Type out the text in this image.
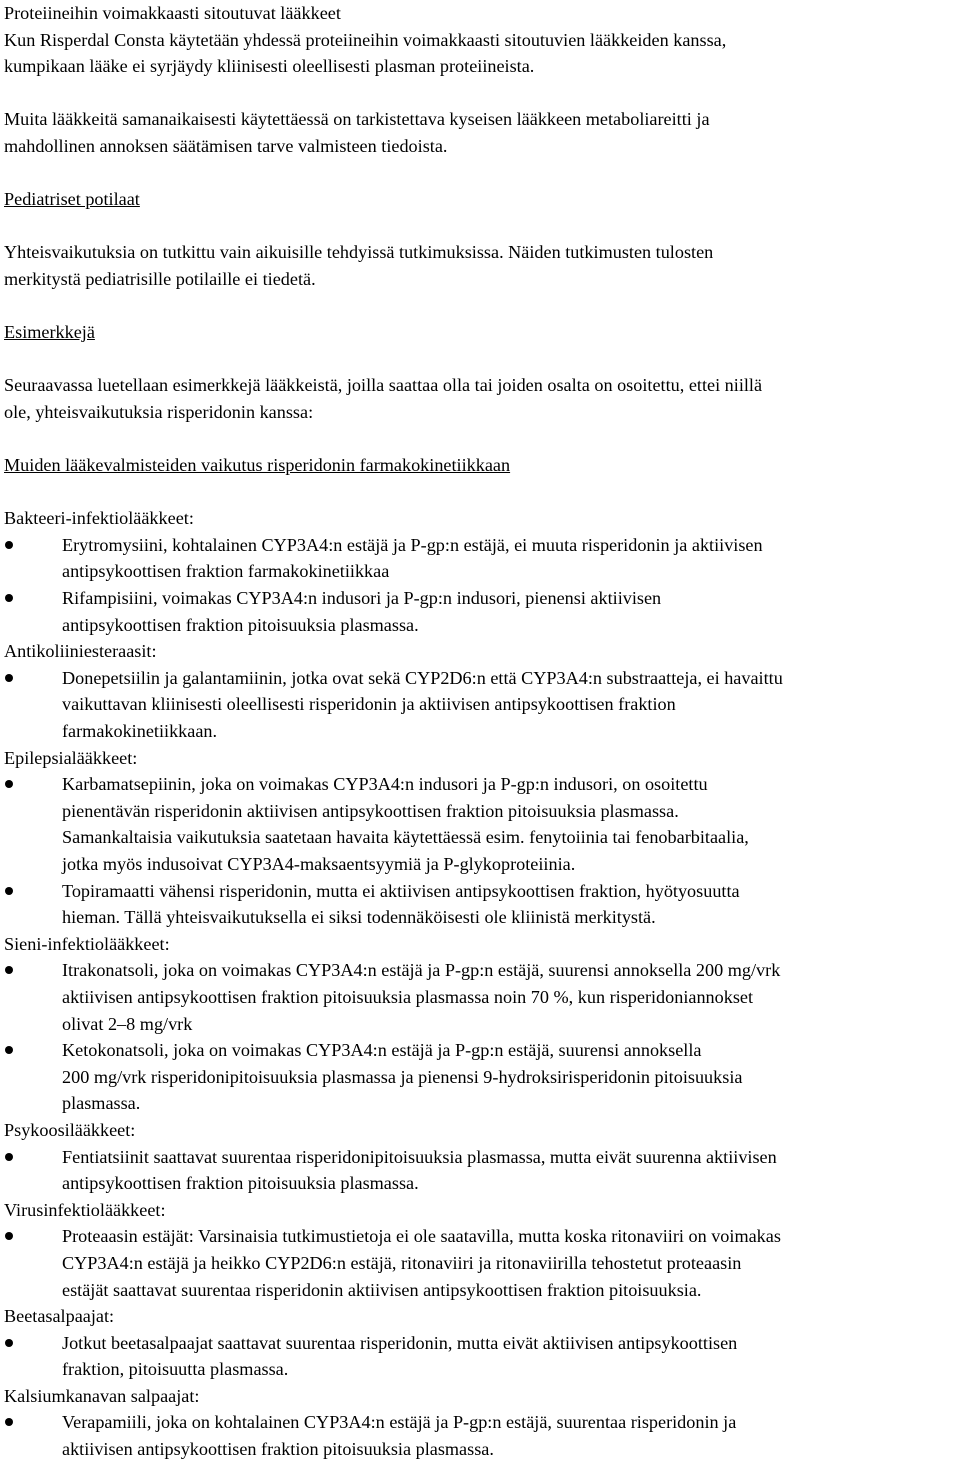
Proteiineihin voimakkaasti sitoutuvat lääkkeet

Kun Risperdal Consta käytetään yhdessä proteiineihin voimakkaasti sitoutuvien lääkkeiden kanssa,
kumpikaan lääke ei syrjäydy kliinisesti oleellisesti plasman proteiineista.

Muita lääkkeitä samanaikaisesti käytettäessä on tarkistettava kyseisen lääkkeen metaboliareitti ja
mahdollinen annoksen säätämisen tarve valmisteen tiedoista.

Pediatriset potilaat

Yhteisvaikutuksia on tutkittu vain aikuisille tehdyissä tutkimuksissa. Näiden tutkimusten tulosten
merkitystä pediatrisille potilaille ei tiedetä.

Esimerkkejä

Seuraavassa luetellaan esimerkkejä lääkkeistä, joilla saattaa olla tai joiden osalta on osoitettu, ettei niillä
ole, yhteisvaikutuksia risperidonin kanssa:

Muiden lääkevalmisteiden vaikutus risperidonin farmakokinetiikkaan
Bakteeri-infektiolääkkeet:
Erytromysiini, kohtalainen CYP3A4:n estäjä ja P-gp:n estäjä, ei muuta risperidonin ja aktiivisen
antipsykoottisen fraktion farmakokinetiikkaa
Rifampisiini, voimakas CYP3A4:n indusori ja P-gp:n indusori, pienensi aktiivisen
antipsykoottisen fraktion pitoisuuksia plasmassa.
Antikoliiniesteraasit:
Donepetsiilin ja galantamiinin, jotka ovat sekä CYP2D6:n että CYP3A4:n substraatteja, ei havaittu
vaikuttavan kliinisesti oleellisesti risperidonin ja aktiivisen antipsykoottisen fraktion
farmakokinetiikkaan.
Epilepsialääkkeet:
Karbamatsepiinin, joka on voimakas CYP3A4:n indusori ja P-gp:n indusori, on osoitettu
pienentävän risperidonin aktiivisen antipsykoottisen fraktion pitoisuuksia plasmassa.
Samankaltaisia vaikutuksia saatetaan havaita käytettäessä esim. fenytoiinia tai fenobarbitaalia,
jotka myös indusoivat CYP3A4-maksaentsyymiä ja P-glykoproteiinia.
Topiramaatti vähensi risperidonin, mutta ei aktiivisen antipsykoottisen fraktion, hyötyosuutta
hieman. Tällä yhteisvaikutuksella ei siksi todennäköisesti ole kliinistä merkitystä.
Sieni-infektiolääkkeet:
Itrakonatsoli, joka on voimakas CYP3A4:n estäjä ja P-gp:n estäjä, suurensi annoksella 200 mg/vrk
aktiivisen antipsykoottisen fraktion pitoisuuksia plasmassa noin 70 %, kun risperidoniannokset
olivat 2–8 mg/vrk
Ketokonatsoli, joka on voimakas CYP3A4:n estäjä ja P-gp:n estäjä, suurensi annoksella
200 mg/vrk risperidonipitoisuuksia plasmassa ja pienensi 9-hydroksirisperidonin pitoisuuksia
plasmassa.
Psykoosilääkkeet:
Fentiatsiinit saattavat suurentaa risperidonipitoisuuksia plasmassa, mutta eivät suurenna aktiivisen
antipsykoottisen fraktion pitoisuuksia plasmassa.
Virusinfektiolääkkeet:
Proteaasin estäjät: Varsinaisia tutkimustietoja ei ole saatavilla, mutta koska ritonaviiri on voimakas
CYP3A4:n estäjä ja heikko CYP2D6:n estäjä, ritonaviiri ja ritonaviirilla tehostetut proteaasin
estäjät saattavat suurentaa risperidonin aktiivisen antipsykoottisen fraktion pitoisuuksia.
Beetasalpaajat:
Jotkut beetasalpaajat saattavat suurentaa risperidonin, mutta eivät aktiivisen antipsykoottisen
fraktion, pitoisuutta plasmassa.
Kalsiumkanavan salpaajat:
Verapamiili, joka on kohtalainen CYP3A4:n estäjä ja P-gp:n estäjä, suurentaa risperidonin ja
aktiivisen antipsykoottisen fraktion pitoisuuksia plasmassa.
